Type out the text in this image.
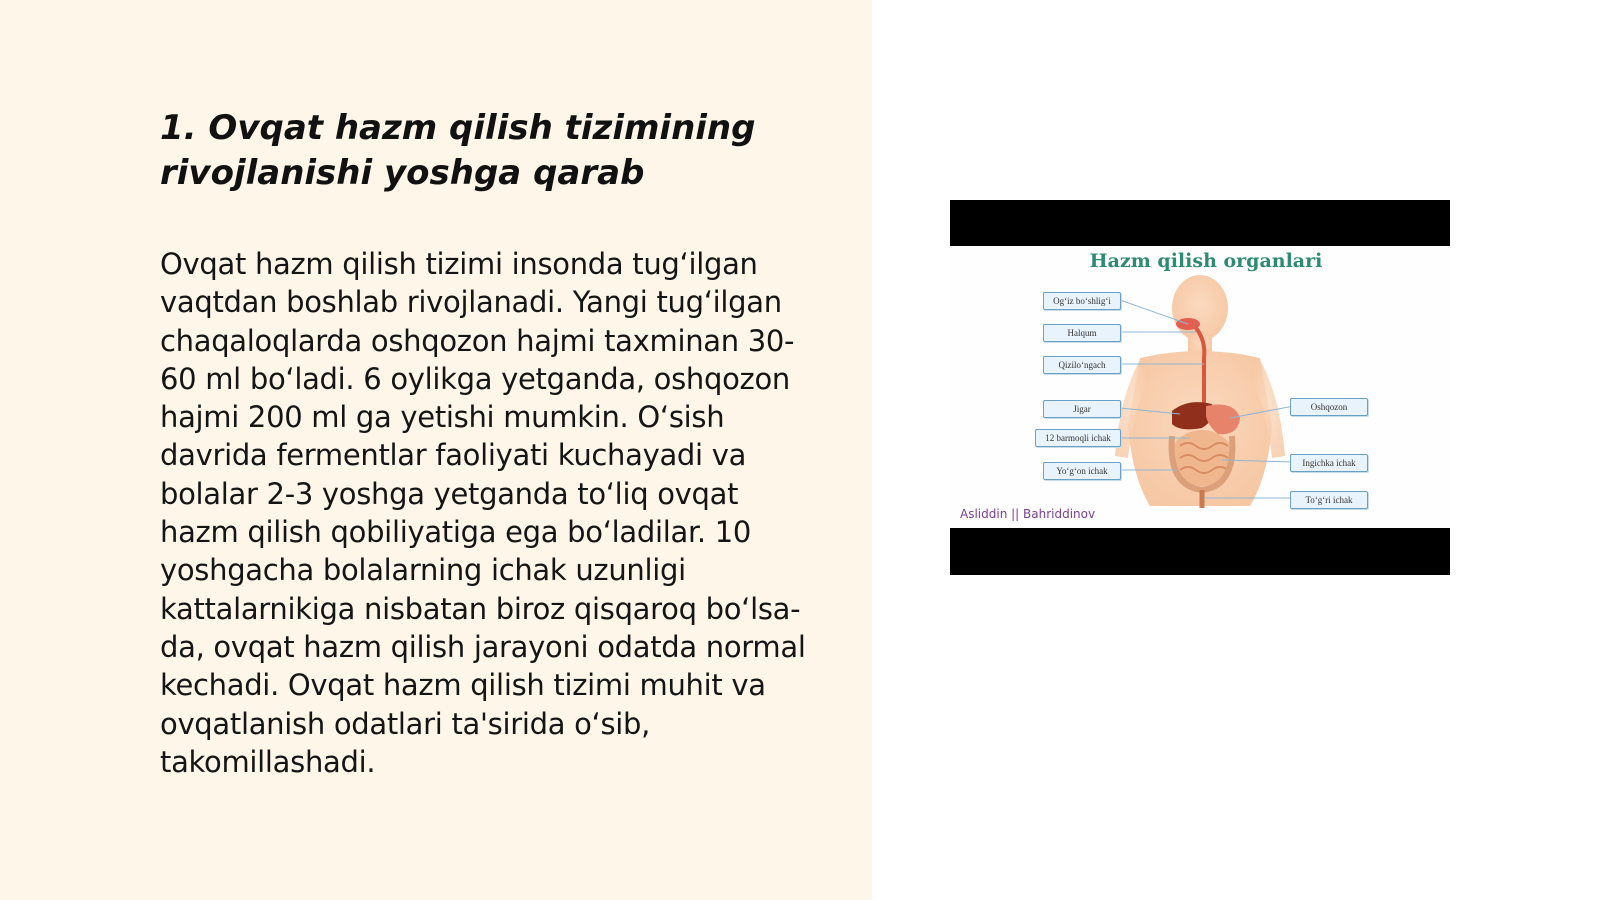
1. Ovqat hazm qilish tizimining rivojlanishi yoshga qarab

Ovqat hazm qilish tizimi insonda tug‘ilgan
vaqtdan boshlab rivojlanadi. Yangi tug‘ilgan
chaqaloqlarda oshqozon hajmi taxminan 30-
60 ml bo‘ladi. 6 oylikga yetganda, oshqozon
hajmi 200 ml ga yetishi mumkin. O‘sish
davrida fermentlar faoliyati kuchayadi va
bolalar 2-3 yoshga yetganda to‘liq ovqat
hazm qilish qobiliyatiga ega bo‘ladilar. 10
yoshgacha bolalarning ichak uzunligi
kattalarnikiga nisbatan biroz qisqaroq bo‘lsa-
da, ovqat hazm qilish jarayoni odatda normal
kechadi. Ovqat hazm qilish tizimi muhit va
ovqatlanish odatlari ta'sirida o‘sib,
takomillashadi.

Hazm qilish organlari
Og‘iz bo‘shlig‘i
Halqum
Qizilo‘ngach
Jigar
12 barmoqli ichak
Yo‘g‘on ichak
Oshqozon
Ingichka ichak
To‘g‘ri ichak
Asliddin || Bahriddinov
